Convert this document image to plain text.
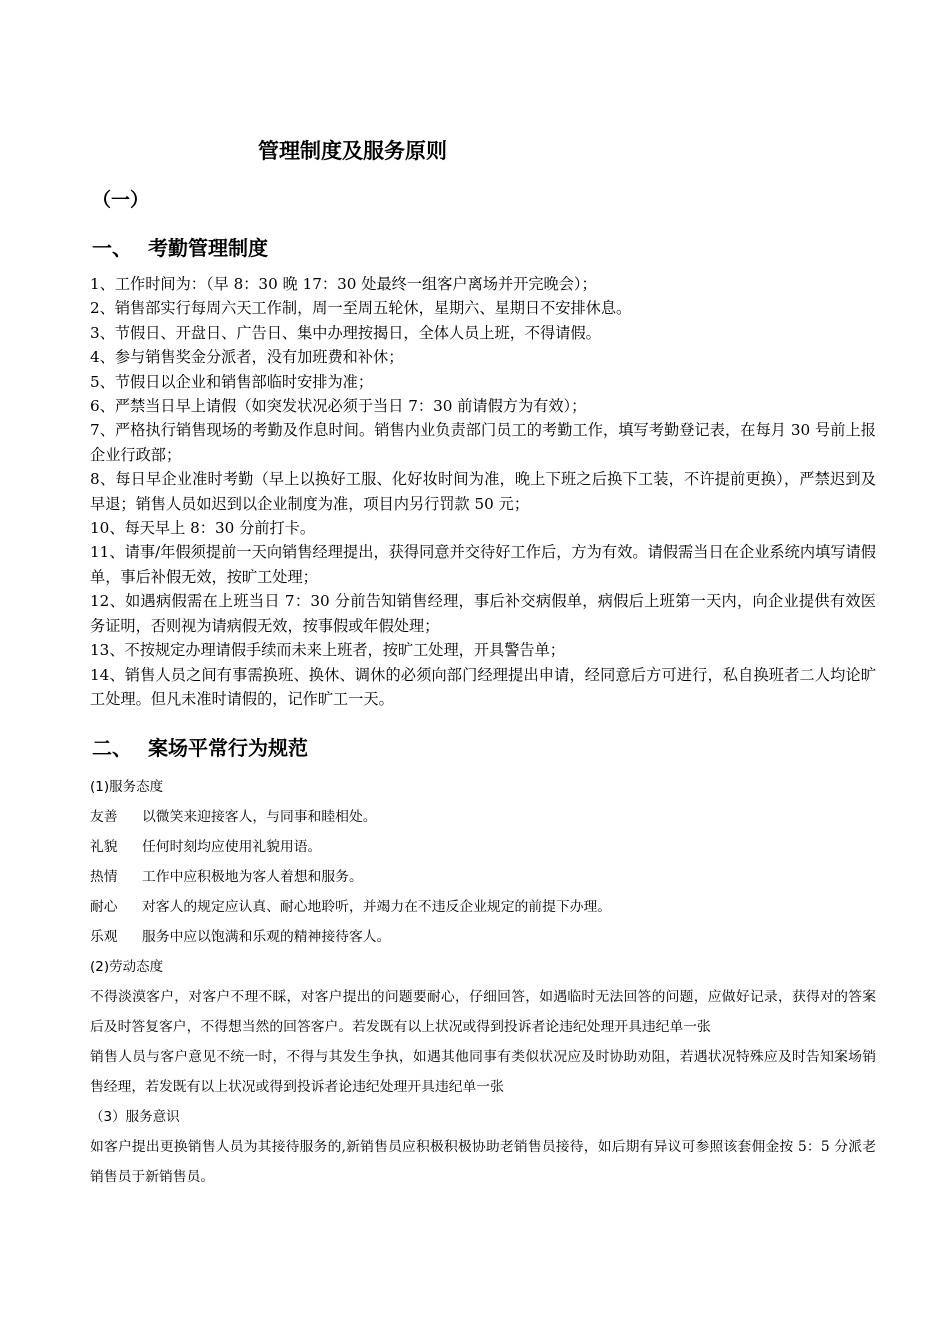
管理制度及服务原则
（一）
一、 考勤管理制度

1、工作时间为：（早 8：30 晚 17：30 处最终一组客户离场并开完晚会）；

2、销售部实行每周六天工作制，周一至周五轮休，星期六、星期日不安排休息。

3、节假日、开盘日、广告日、集中办理按揭日，全体人员上班，不得请假。

4、参与销售奖金分派者，没有加班费和补休；

5、节假日以企业和销售部临时安排为准；

6、严禁当日早上请假（如突发状况必须于当日 7：30 前请假方为有效）；

7、严格执行销售现场的考勤及作息时间。销售内业负责部门员工的考勤工作，填写考勤登记表，在每月 30 号前上报企业行政部；

8、每日早企业准时考勤（早上以换好工服、化好妆时间为准，晚上下班之后换下工装，不许提前更换），严禁迟到及早退；销售人员如迟到以企业制度为准，项目内另行罚款 50 元；

10、每天早上 8：30 分前打卡。

11、请事/年假须提前一天向销售经理提出，获得同意并交待好工作后，方为有效。请假需当日在企业系统内填写请假单，事后补假无效，按旷工处理；

12、如遇病假需在上班当日 7：30 分前告知销售经理，事后补交病假单，病假后上班第一天内，向企业提供有效医务证明，否则视为请病假无效，按事假或年假处理；

13、不按规定办理请假手续而未来上班者，按旷工处理，开具警告单；

14、销售人员之间有事需换班、换休、调休的必须向部门经理提出申请，经同意后方可进行，私自换班者二人均论旷工处理。但凡未准时请假的，记作旷工一天。

二、 案场平常行为规范

(1)服务态度

友善 以微笑来迎接客人，与同事和睦相处。

礼貌 任何时刻均应使用礼貌用语。

热情 工作中应积极地为客人着想和服务。

耐心 对客人的规定应认真、耐心地聆听，并竭力在不违反企业规定的前提下办理。

乐观 服务中应以饱满和乐观的精神接待客人。

(2)劳动态度

不得淡漠客户，对客户不理不睬，对客户提出的问题要耐心，仔细回答，如遇临时无法回答的问题，应做好记录，获得对的答案后及时答复客户，不得想当然的回答客户。若发既有以上状况或得到投诉者论违纪处理开具违纪单一张

销售人员与客户意见不统一时，不得与其发生争执，如遇其他同事有类似状况应及时协助劝阻，若遇状况特殊应及时告知案场销售经理，若发既有以上状况或得到投诉者论违纪处理开具违纪单一张

（3）服务意识

如客户提出更换销售人员为其接待服务的,新销售员应积极积极协助老销售员接待，如后期有异议可参照该套佣金按 5：5 分派老销售员于新销售员。
